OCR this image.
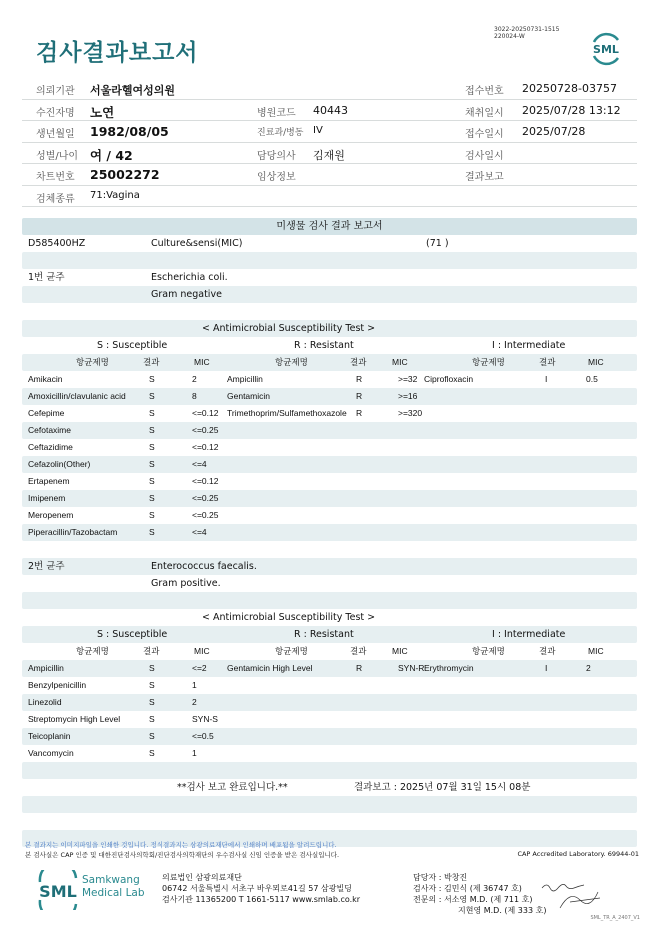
검사결과보고서
3022-20250731-1515
220024-W
SML
의뢰기관 서울라헬여성의원	접수번호 20250728-03757
수진자명 노연	병원코드 40443	채취일시 2025/07/28 13:12
생년월일 1982/08/05	진료과/병동 IV	접수일시 2025/07/28
성별/나이 여 / 42	담당의사 김재원	검사일시
차트번호 25002272	임상정보	결과보고
검체종류 71:Vagina
미생물 검사 결과 보고서
D585400HZ	Culture&sensi(MIC)	(71 )
1번 균주	Escherichia coli.
Gram negative
< Antimicrobial Susceptibility Test >
S : Susceptible	R : Resistant	I : Intermediate
항균제명	결과	MIC	항균제명	결과	MIC	항균제명	결과	MIC
Amikacin	S	2	Ampicillin	R	>=32 Ciprofloxacin	I	0.5
Amoxicillin/clavulanic acid	S	8	Gentamicin	R	>=16
Cefepime	S	<=0.12 Trimethoprim/Sulfamethoxazole R	>=320
Cefotaxime	S	<=0.25
Ceftazidime	S	<=0.12
Cefazolin(Other)	S	<=4
Ertapenem	S	<=0.12
Imipenem	S	<=0.25
Meropenem	S	<=0.25
Piperacillin/Tazobactam	S	<=4
2번 균주	Enterococcus faecalis.
Gram positive.
< Antimicrobial Susceptibility Test >
S : Susceptible	R : Resistant	I : Intermediate
항균제명	결과	MIC	항균제명	결과	MIC	항균제명	결과	MIC
Ampicillin	S	<=2 Gentamicin High Level	R	SYN-R Erythromycin	I	2
Benzylpenicillin	S	1
Linezolid	S	2
Streptomycin High Level	S	SYN-S
Teicoplanin	S	<=0.5
Vancomycin	S	1
**검사 보고 완료입니다.**	결과보고 : 2025년 07월 31일 15시 08분
본 결과지는 이미지파일을 인쇄한 것입니다. 정식결과지는 삼광의료재단에서 인쇄하며 배포됨을 알려드립니다.
본 검사실은 CAP 인증 및 대한진단검사의학회/진단검사의학재단의 우수검사실 신임 인증을 받은 검사실입니다.	CAP Accredited Laboratory. 69944-01
SML
Samkwang
Medical Lab
의료법인 삼광의료재단
06742 서울특별시 서초구 바우뫼로41길 57 삼광빌딩
검사기관 11365200 T 1661-5117 www.smlab.co.kr
담당자 : 박창진
검사자 : 김민식 (제 36747 호)
전문의 : 서소영 M.D. (제 711 호)
지현영 M.D. (제 333 호)
SML_TR_A_2407_V1
